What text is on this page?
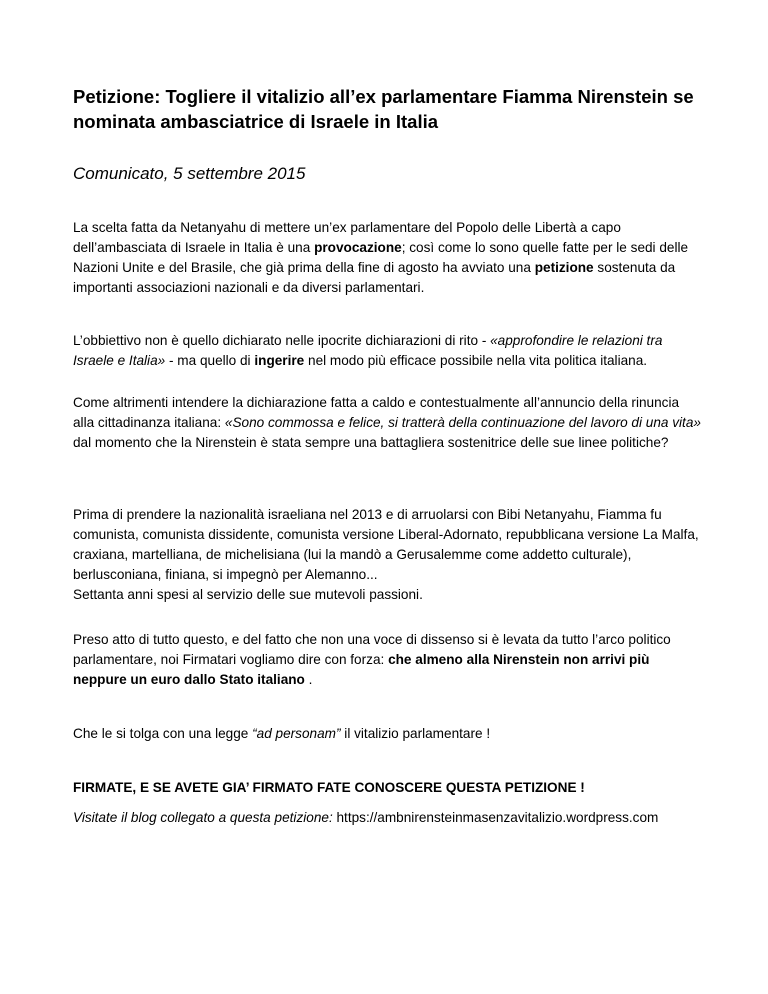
Petizione: Togliere il vitalizio all’ex parlamentare Fiamma Nirenstein se nominata ambasciatrice di Israele in Italia

Comunicato, 5 settembre 2015

La scelta fatta da Netanyahu di mettere un’ex parlamentare del Popolo delle Libertà a capo dell’ambasciata di Israele in Italia è una provocazione; così come lo sono quelle fatte per le sedi delle Nazioni Unite e del Brasile, che già prima della fine di agosto ha avviato una petizione sostenuta da importanti associazioni nazionali e da diversi parlamentari.

L’obbiettivo non è quello dichiarato nelle ipocrite dichiarazioni di rito - «approfondire le relazioni tra Israele e Italia» - ma quello di ingerire nel modo più efficace possibile nella vita politica italiana.

Come altrimenti intendere la dichiarazione fatta a caldo e contestualmente all’annuncio della rinuncia alla cittadinanza italiana: «Sono commossa e felice, si tratterà della continuazione del lavoro di una vita» dal momento che la Nirenstein è stata sempre una battagliera sostenitrice delle sue linee politiche?

Prima di prendere la nazionalità israeliana nel 2013 e di arruolarsi con Bibi Netanyahu, Fiamma fu comunista, comunista dissidente, comunista versione Liberal-Adornato, repubblicana versione La Malfa, craxiana, martelliana, de michelisiana (lui la mandò a Gerusalemme come addetto culturale), berlusconiana, finiana, si impegnò per Alemanno...
Settanta anni spesi al servizio delle sue mutevoli passioni.

Preso atto di tutto questo, e del fatto che non una voce di dissenso si è levata da tutto l’arco politico parlamentare, noi Firmatari vogliamo dire con forza: che almeno alla Nirenstein non arrivi più neppure un euro dallo Stato italiano .

Che le si tolga con una legge “ad personam” il vitalizio parlamentare !

FIRMATE, E SE AVETE GIA’ FIRMATO FATE CONOSCERE QUESTA PETIZIONE !

Visitate il blog collegato a questa petizione: https://ambnirensteinmasenzavitalizio.wordpress.com
